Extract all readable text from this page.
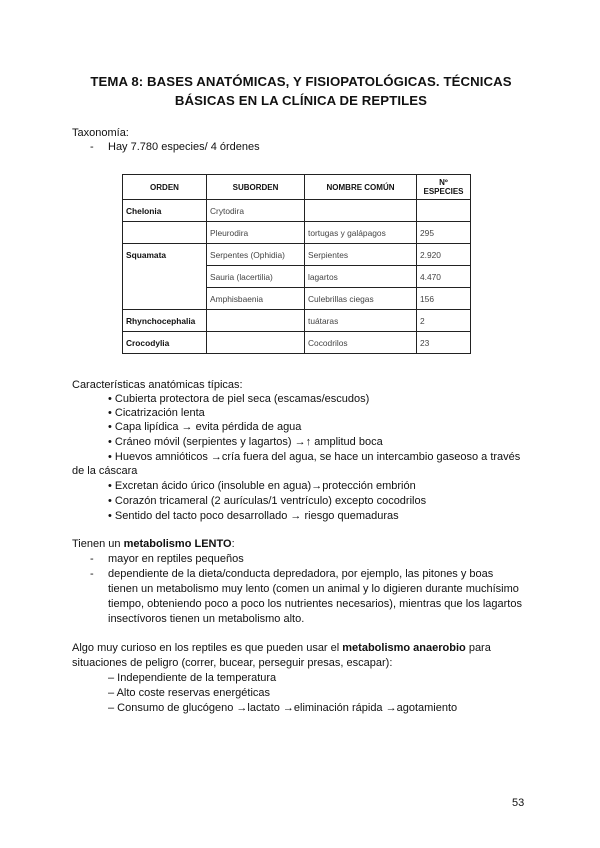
TEMA 8: BASES ANATÓMICAS, Y FISIOPATOLÓGICAS. TÉCNICAS
BÁSICAS EN LA CLÍNICA DE REPTILES
Taxonomía:
- Hay 7.780 especies/ 4 órdenes
ORDEN	SUBORDEN	NOMBRE COMÚN	Nº ESPECIES
Chelonia	Crytodira		
	Pleurodira	tortugas y galápagos	295
Squamata	Serpentes (Ophidia)	Serpientes	2.920
	Sauria (lacertilia)	lagartos	4.470
	Amphisbaenia	Culebrillas ciegas	156
Rhynchocephalia		tuátaras	2
Crocodylia		Cocodrilos	23
Características anatómicas típicas:
• Cubierta protectora de piel seca (escamas/escudos)
• Cicatrización lenta
• Capa lipídica → evita pérdida de agua
• Cráneo móvil (serpientes y lagartos) →↑ amplitud boca
• Huevos amnióticos →cría fuera del agua, se hace un intercambio gaseoso a través
de la cáscara
• Excretan ácido úrico (insoluble en agua)→protección embrión
• Corazón tricameral (2 aurículas/1 ventrículo) excepto cocodrilos
• Sentido del tacto poco desarrollado → riesgo quemaduras
Tienen un metabolismo LENTO:
- mayor en reptiles pequeños
- dependiente de la dieta/conducta depredadora, por ejemplo, las pitones y boas
tienen un metabolismo muy lento (comen un animal y lo digieren durante muchísimo
tiempo, obteniendo poco a poco los nutrientes necesarios), mientras que los lagartos
insectívoros tienen un metabolismo alto.
Algo muy curioso en los reptiles es que pueden usar el metabolismo anaerobio para
situaciones de peligro (correr, bucear, perseguir presas, escapar):
– Independiente de la temperatura
– Alto coste reservas energéticas
– Consumo de glucógeno →lactato →eliminación rápida →agotamiento
53
